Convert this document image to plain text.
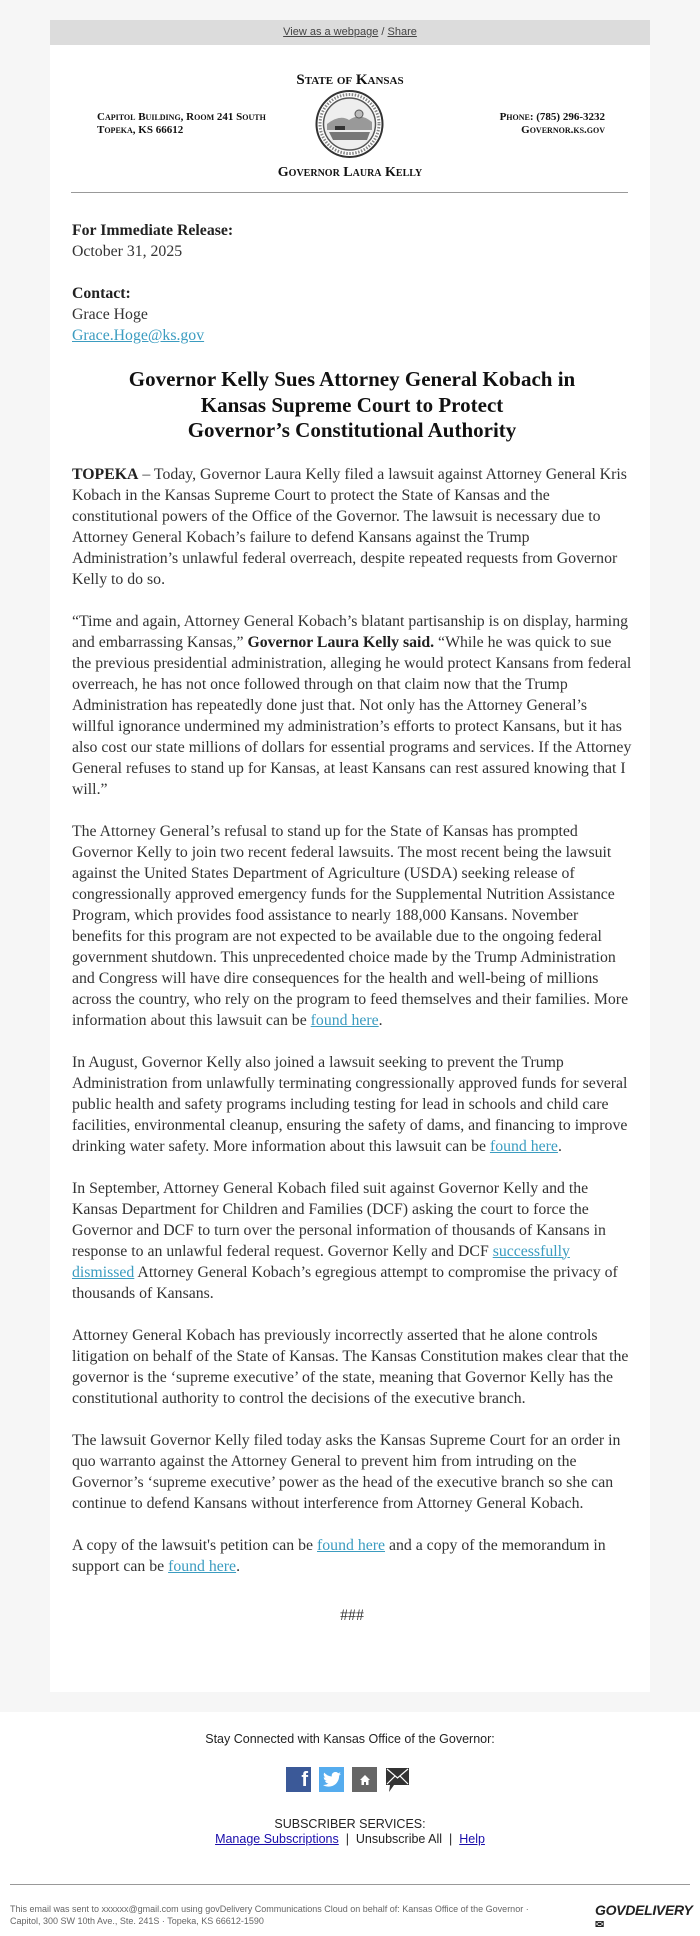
View as a webpage / Share
State of Kansas
Capitol Building, Room 241 South
Topeka, KS 66612
Phone: (785) 296-3232
Governor.ks.gov
Governor Laura Kelly

For Immediate Release:
October 31, 2025

Contact:
Grace Hoge
Grace.Hoge@ks.gov

Governor Kelly Sues Attorney General Kobach in
Kansas Supreme Court to Protect
Governor’s Constitutional Authority

TOPEKA – Today, Governor Laura Kelly filed a lawsuit against Attorney General Kris Kobach in the Kansas Supreme Court to protect the State of Kansas and the constitutional powers of the Office of the Governor. The lawsuit is necessary due to Attorney General Kobach’s failure to defend Kansans against the Trump Administration’s unlawful federal overreach, despite repeated requests from Governor Kelly to do so.

“Time and again, Attorney General Kobach’s blatant partisanship is on display, harming and embarrassing Kansas,” Governor Laura Kelly said. “While he was quick to sue the previous presidential administration, alleging he would protect Kansans from federal overreach, he has not once followed through on that claim now that the Trump Administration has repeatedly done just that. Not only has the Attorney General’s willful ignorance undermined my administration’s efforts to protect Kansans, but it has also cost our state millions of dollars for essential programs and services. If the Attorney General refuses to stand up for Kansas, at least Kansans can rest assured knowing that I will.”

The Attorney General’s refusal to stand up for the State of Kansas has prompted Governor Kelly to join two recent federal lawsuits. The most recent being the lawsuit against the United States Department of Agriculture (USDA) seeking release of congressionally approved emergency funds for the Supplemental Nutrition Assistance Program, which provides food assistance to nearly 188,000 Kansans. November benefits for this program are not expected to be available due to the ongoing federal government shutdown. This unprecedented choice made by the Trump Administration and Congress will have dire consequences for the health and well-being of millions across the country, who rely on the program to feed themselves and their families. More information about this lawsuit can be found here.

In August, Governor Kelly also joined a lawsuit seeking to prevent the Trump Administration from unlawfully terminating congressionally approved funds for several public health and safety programs including testing for lead in schools and child care facilities, environmental cleanup, ensuring the safety of dams, and financing to improve drinking water safety. More information about this lawsuit can be found here.

In September, Attorney General Kobach filed suit against Governor Kelly and the Kansas Department for Children and Families (DCF) asking the court to force the Governor and DCF to turn over the personal information of thousands of Kansans in response to an unlawful federal request. Governor Kelly and DCF successfully dismissed Attorney General Kobach’s egregious attempt to compromise the privacy of thousands of Kansans.

Attorney General Kobach has previously incorrectly asserted that he alone controls litigation on behalf of the State of Kansas. The Kansas Constitution makes clear that the governor is the ‘supreme executive’ of the state, meaning that Governor Kelly has the constitutional authority to control the decisions of the executive branch.

The lawsuit Governor Kelly filed today asks the Kansas Supreme Court for an order in quo warranto against the Attorney General to prevent him from intruding on the Governor’s ‘supreme executive’ power as the head of the executive branch so she can continue to defend Kansans without interference from Attorney General Kobach.

A copy of the lawsuit's petition can be found here and a copy of the memorandum in support can be found here.

###

Stay Connected with Kansas Office of the Governor:
f
SUBSCRIBER SERVICES:
Manage Subscriptions | Unsubscribe All | Help
This email was sent to xxxxxx@gmail.com using govDelivery Communications Cloud on behalf of: Kansas Office of the Governor ·
Capitol, 300 SW 10th Ave., Ste. 241S · Topeka, KS 66612-1590
GOVDELIVERY✉
